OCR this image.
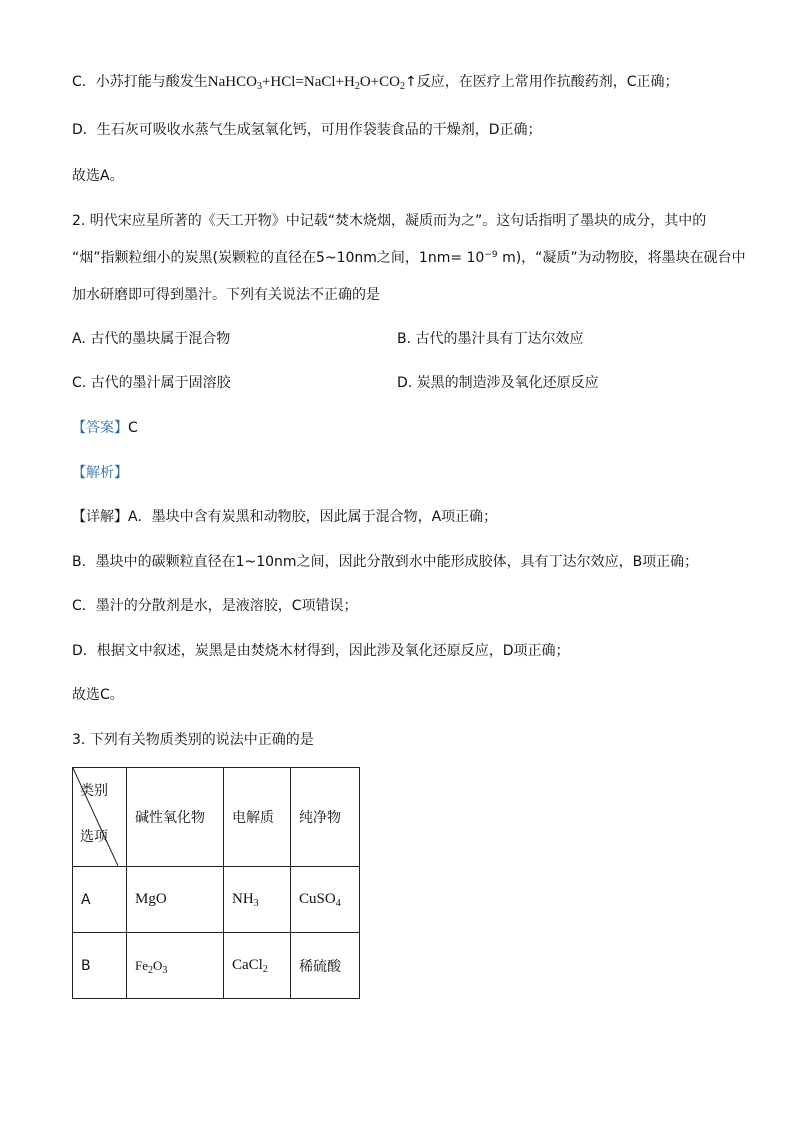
C．小苏打能与酸发生$NaHCO_3+HCl=NaCl+H_2O+CO_2↑$反应，在医疗上常用作抗酸药剂，C正确；
D．生石灰可吸收水蒸气生成氢氧化钙，可用作袋装食品的干燥剂，D正确；
故选A。
2. 明代宋应星所著的《天工开物》中记载“焚木烧烟，凝质而为之”。这句话指明了墨块的成分，其中的
“烟”指颗粒细小的炭黑(炭颗粒的直径在5~10nm之间，$1nm= 10^{-9}$ m)，“凝质”为动物胶，将墨块在砚台中
加水研磨即可得到墨汁。下列有关说法不正确的是
A. 古代的墨块属于混合物	B. 古代的墨汁具有丁达尔效应
C. 古代的墨汁属于固溶胶	D. 炭黑的制造涉及氧化还原反应
【答案】C
【解析】
【详解】A．墨块中含有炭黑和动物胶，因此属于混合物，A项正确；
B．墨块中的碳颗粒直径在1~10nm之间，因此分散到水中能形成胶体，具有丁达尔效应，B项正确；
C．墨汁的分散剂是水，是液溶胶，C项错误；
D．根据文中叙述，炭黑是由焚烧木材得到，因此涉及氧化还原反应，D项正确；
故选C。
3. 下列有关物质类别的说法中正确的是
类别
选项	碱性氧化物	电解质	纯净物
A	MgO	$NH_3$	CuSO$_4$
B	$Fe_2O_3$	CaCl$_2$	稀硫酸
